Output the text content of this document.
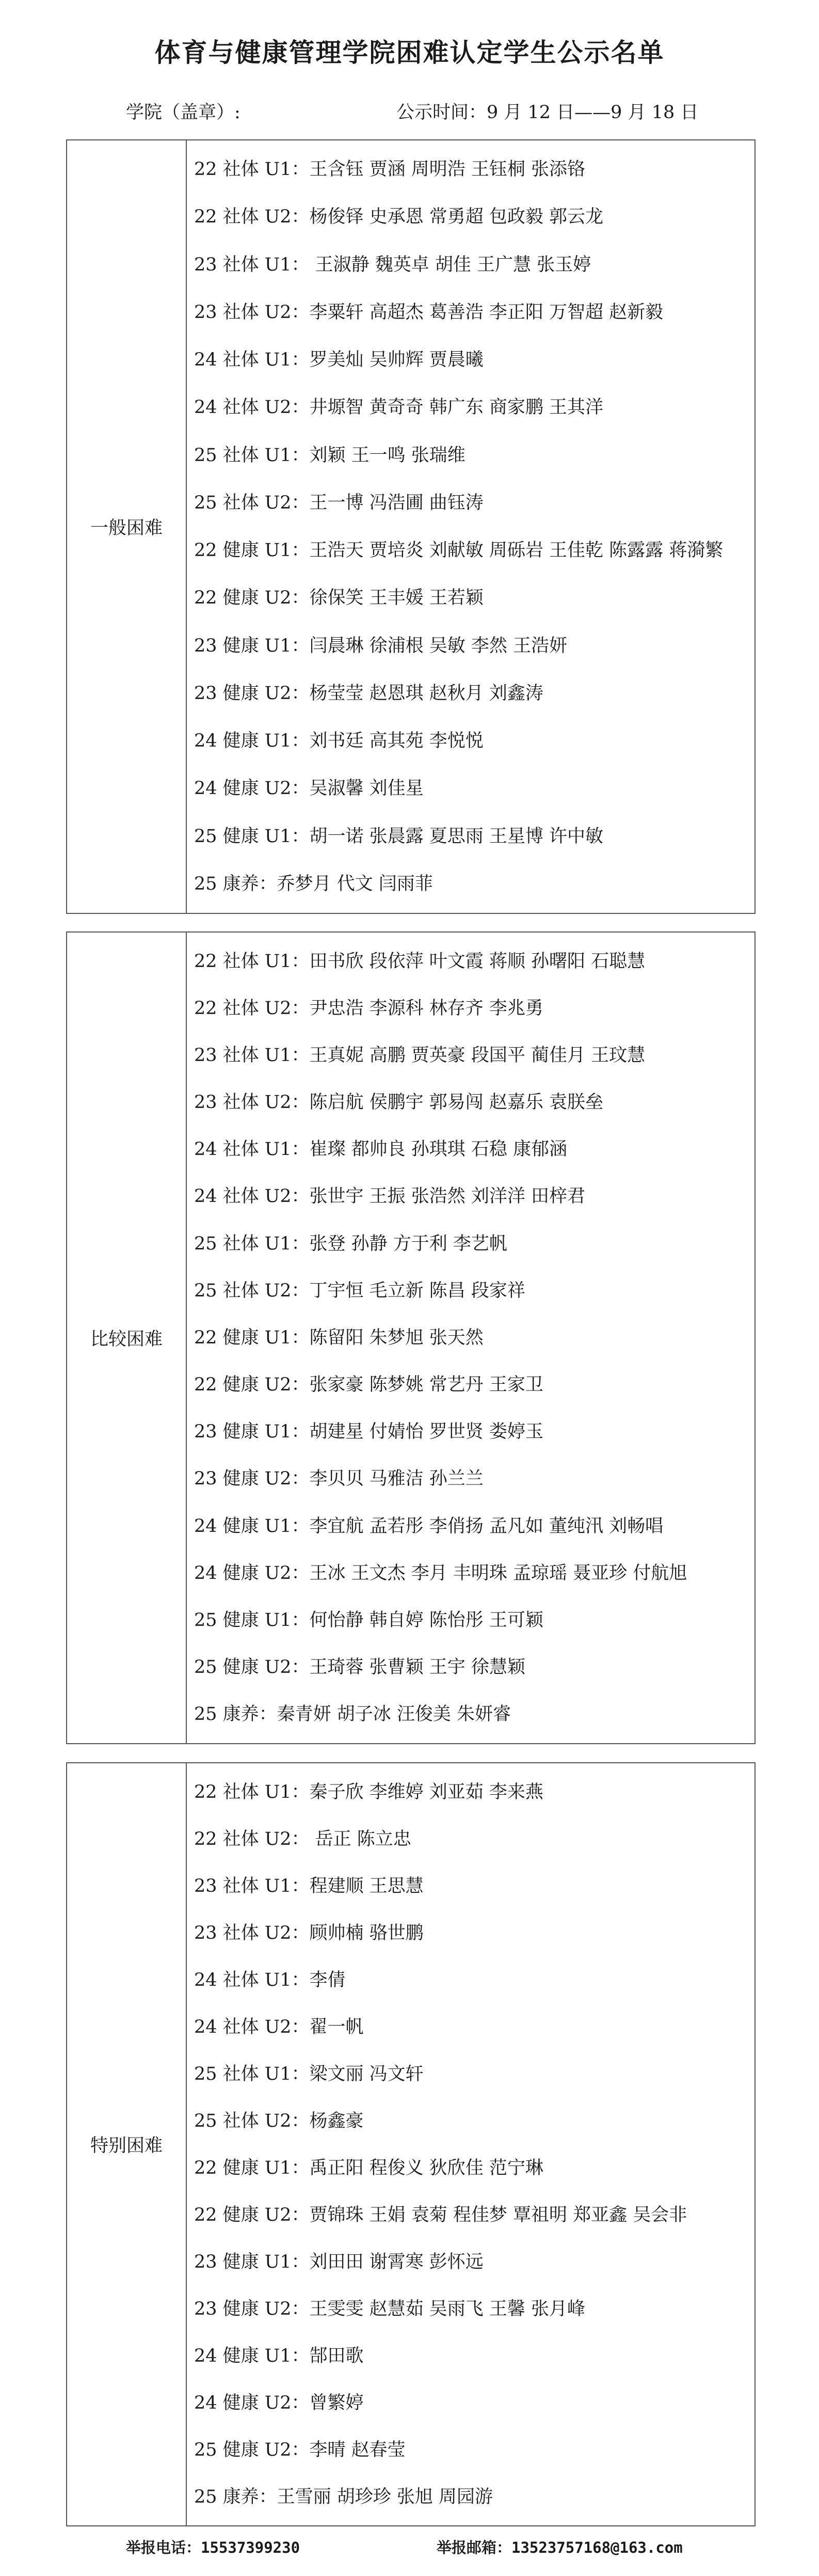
体育与健康管理学院困难认定学生公示名单
学院（盖章）:	公示时间：9 月 12 日——9 月 18 日
一般困难
22 社体 U1：王含钰 贾涵 周明浩 王钰桐 张添铬
22 社体 U2：杨俊铎 史承恩 常勇超 包政毅 郭云龙
23 社体 U1： 王淑静 魏英卓 胡佳 王广慧 张玉婷
23 社体 U2：李粟轩 高超杰 葛善浩 李正阳 万智超 赵新毅
24 社体 U1：罗美灿 吴帅辉 贾晨曦
24 社体 U2：井塬智 黄奇奇 韩广东 商家鹏 王其洋
25 社体 U1：刘颖 王一鸣 张瑞维
25 社体 U2：王一博 冯浩圃 曲钰涛
22 健康 U1：王浩天 贾培炎 刘献敏 周砾岩 王佳乾 陈露露 蒋漪繁
22 健康 U2：徐保笑 王丰媛 王若颖
23 健康 U1：闫晨琳 徐浦根 吴敏 李然 王浩妍
23 健康 U2：杨莹莹 赵恩琪 赵秋月 刘鑫涛
24 健康 U1：刘书廷 高其苑 李悦悦
24 健康 U2：吴淑馨 刘佳星
25 健康 U1：胡一诺 张晨露 夏思雨 王星博 许中敏
25 康养：乔梦月 代文 闫雨菲
比较困难
22 社体 U1：田书欣 段依萍 叶文霞 蒋顺 孙曙阳 石聪慧
22 社体 U2：尹忠浩 李源科 林存齐 李兆勇
23 社体 U1：王真妮 高鹏 贾英豪 段国平 蔺佳月 王玟慧
23 社体 U2：陈启航 侯鹏宇 郭易闯 赵嘉乐 袁朕垒
24 社体 U1：崔璨 都帅良 孙琪琪 石稳 康郁涵
24 社体 U2：张世宇 王振 张浩然 刘洋洋 田梓君
25 社体 U1：张登 孙静 方于利 李艺帆
25 社体 U2：丁宇恒 毛立新 陈昌 段家祥
22 健康 U1：陈留阳 朱梦旭 张天然
22 健康 U2：张家豪 陈梦姚 常艺丹 王家卫
23 健康 U1：胡建星 付婧怡 罗世贤 娄婷玉
23 健康 U2：李贝贝 马雅洁 孙兰兰
24 健康 U1：李宜航 孟若彤 李俏扬 孟凡如 董纯汛 刘畅唱
24 健康 U2：王冰 王文杰 李月 丰明珠 孟琼瑶 聂亚珍 付航旭
25 健康 U1：何怡静 韩自婷 陈怡彤 王可颖
25 健康 U2：王琦蓉 张曹颖 王宇 徐慧颖
25 康养：秦青妍 胡子冰 汪俊美 朱妍睿
特别困难
22 社体 U1：秦子欣 李维婷 刘亚茹 李来燕
22 社体 U2： 岳正 陈立忠
23 社体 U1：程建顺 王思慧
23 社体 U2：顾帅楠 骆世鹏
24 社体 U1：李倩
24 社体 U2：翟一帆
25 社体 U1：梁文丽 冯文轩
25 社体 U2：杨鑫豪
22 健康 U1：禹正阳 程俊义 狄欣佳 范宁琳
22 健康 U2：贾锦珠 王娟 袁菊 程佳梦 覃祖明 郑亚鑫 吴会非
23 健康 U1：刘田田 谢霄寒 彭怀远
23 健康 U2：王雯雯 赵慧茹 吴雨飞 王馨 张月峰
24 健康 U1：郜田歌
24 健康 U2：曾繁婷
25 健康 U2：李晴 赵春莹
25 康养：王雪丽 胡珍珍 张旭 周园游
举报电话：15537399230	举报邮箱：13523757168@163.com
